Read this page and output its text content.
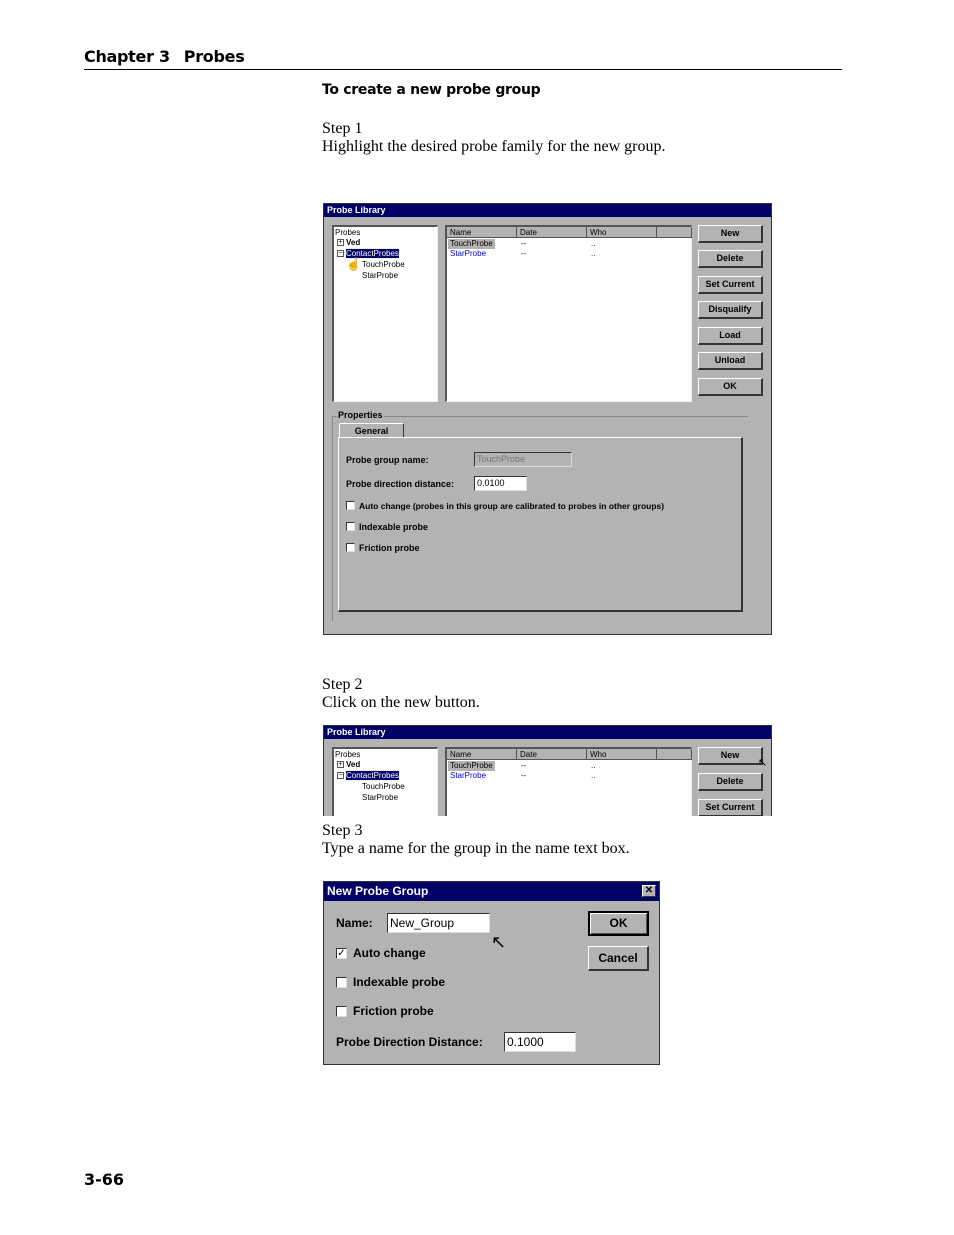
Chapter 3 Probes
To create a new probe group
Step 1
Highlight the desired probe family for the new group.
Probe Library
Probes
+ Ved
− ContactProbes
TouchProbe
StarProbe
☝
Name	Date	Who
TouchProbe	--	..
StarProbe	--	..
New
Delete
Set Current
Disqualify
Load
Unload
OK
Properties
General
Probe group name:	TouchProbe
Probe direction distance:	0.0100
Auto change (probes in this group are calibrated to probes in other groups)
Indexable probe
Friction probe
Step 2
Click on the new button.
Probe Library
Probes
+ Ved
− ContactProbes
TouchProbe
StarProbe
Name	Date	Who
TouchProbe	--	..
StarProbe	--	..
New
↖
Delete
Set Current
Step 3
Type a name for the group in the name text box.
New Probe Group	✕
Name: New_Group
↖
OK
Cancel
✓ Auto change
Indexable probe
Friction probe
Probe Direction Distance: 0.1000
3-66
